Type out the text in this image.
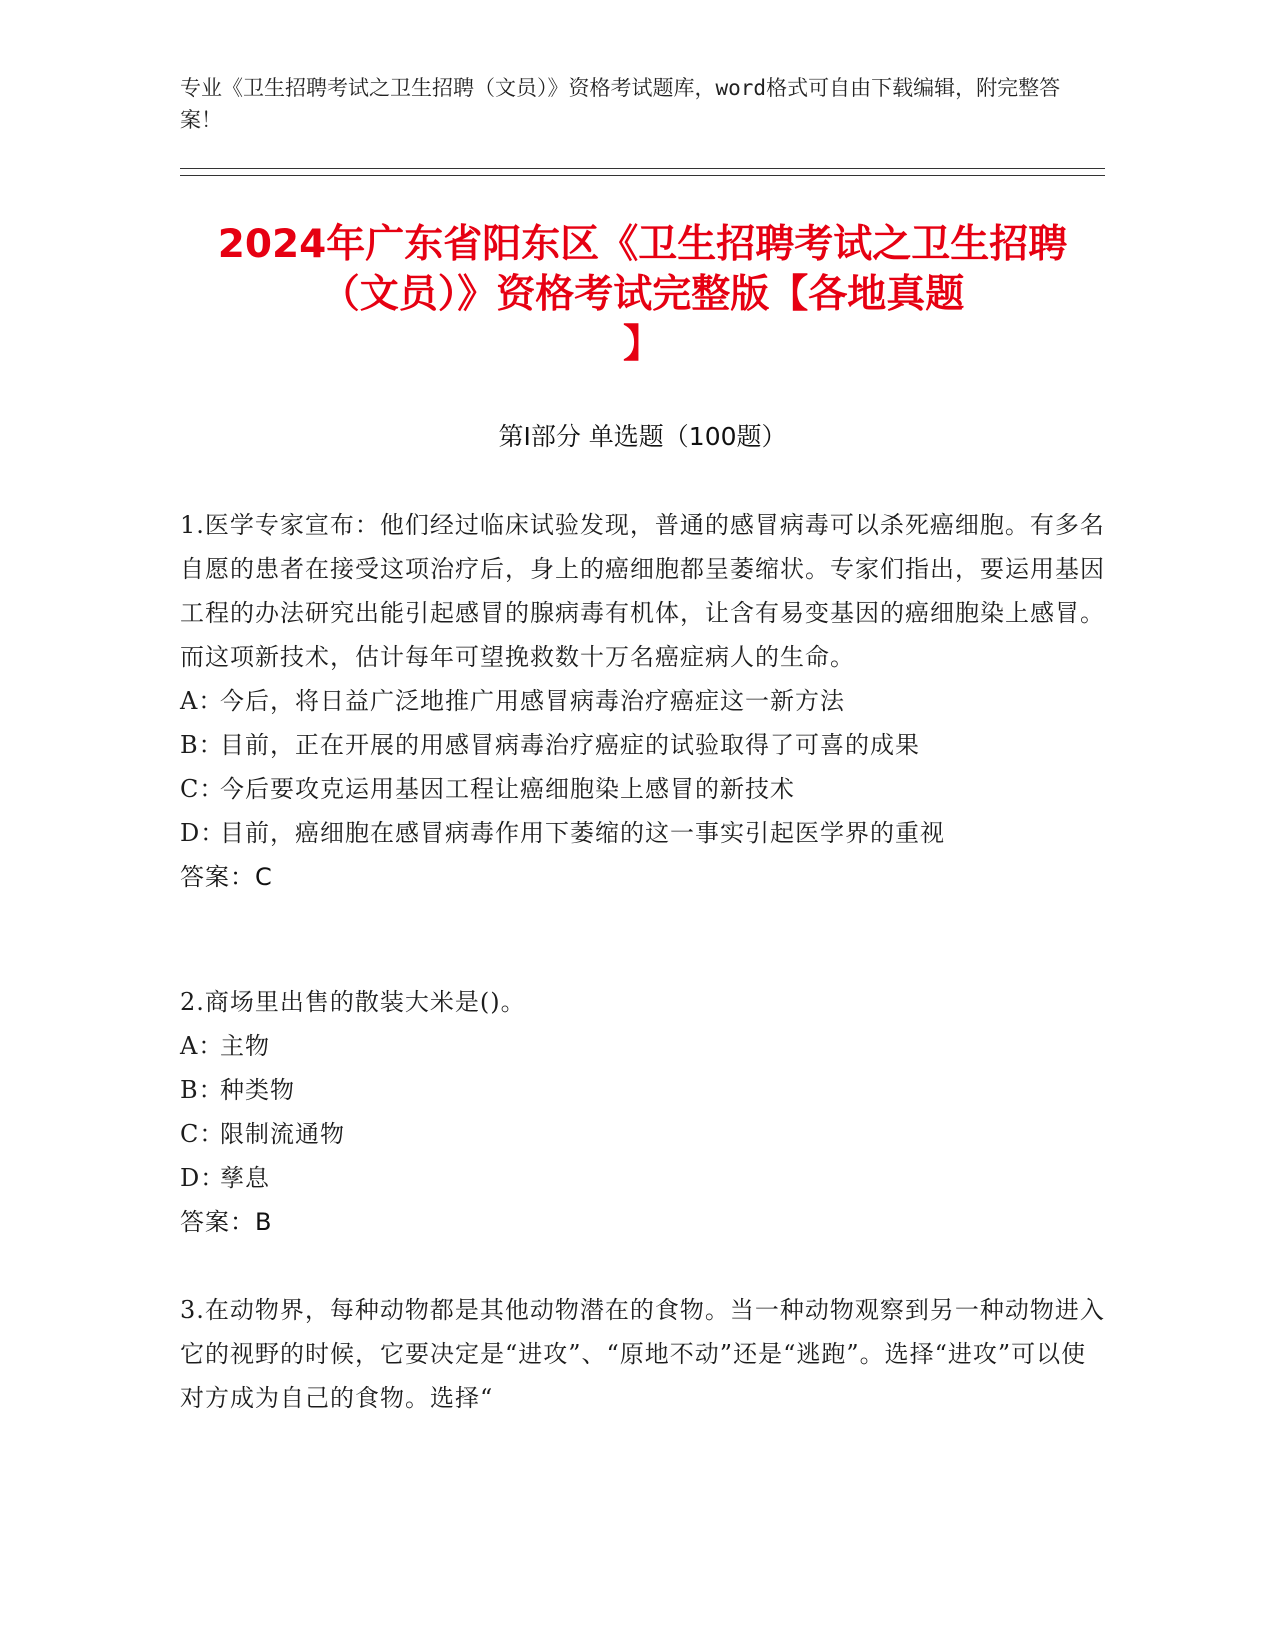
专业《卫生招聘考试之卫生招聘（文员）》资格考试题库，word格式可自由下载编辑，附完整答案！
2024年广东省阳东区《卫生招聘考试之卫生招聘（文员）》资格考试完整版【各地真题
】
第Ⅰ部分 单选题（100题）

1.医学专家宣布：他们经过临床试验发现，普通的感冒病毒可以杀死癌细胞。有多名自愿的患者在接受这项治疗后，身上的癌细胞都呈萎缩状。专家们指出，要运用基因工程的办法研究出能引起感冒的腺病毒有机体，让含有易变基因的癌细胞染上感冒。而这项新技术，估计每年可望挽救数十万名癌症病人的生命。

A：今后，将日益广泛地推广用感冒病毒治疗癌症这一新方法

B：目前，正在开展的用感冒病毒治疗癌症的试验取得了可喜的成果

C：今后要攻克运用基因工程让癌细胞染上感冒的新技术

D：目前，癌细胞在感冒病毒作用下萎缩的这一事实引起医学界的重视

答案：C

2.商场里出售的散装大米是()。

A：主物

B：种类物

C：限制流通物

D：孳息

答案：B

3.在动物界，每种动物都是其他动物潜在的食物。当一种动物观察到另一种动物进入它的视野的时候，它要决定是“进攻”、“原地不动”还是“逃跑”。选择“进攻”可以使对方成为自己的食物。选择“
